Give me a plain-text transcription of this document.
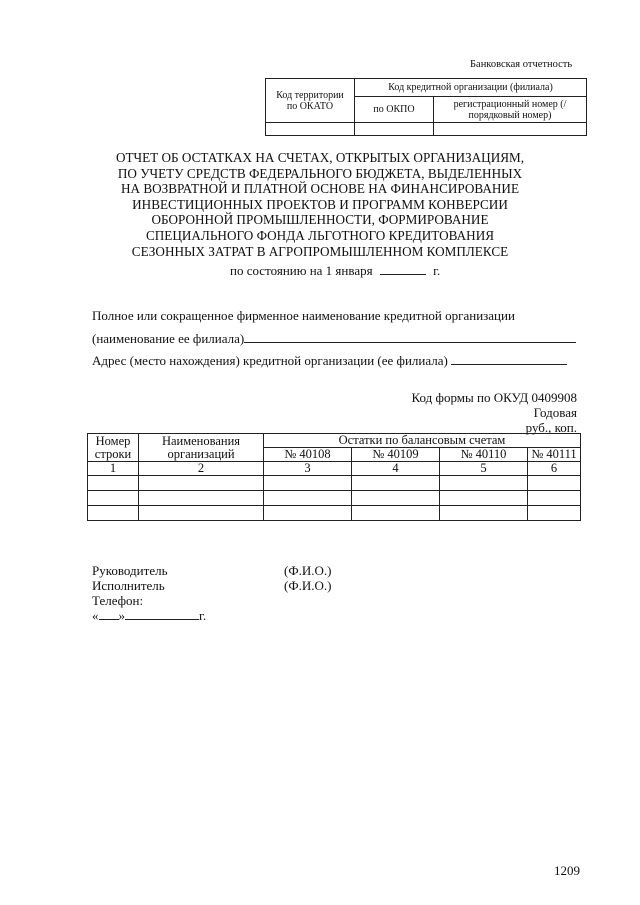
Банковская отчетность
Код территории по ОКАТО	Код кредитной организации (филиала)	
	по ОКПО	регистрационный номер (/порядковый номер)

ОТЧЕТ ОБ ОСТАТКАХ НА СЧЕТАХ, ОТКРЫТЫХ ОРГАНИЗАЦИЯМ,
ПО УЧЕТУ СРЕДСТВ ФЕДЕРАЛЬНОГО БЮДЖЕТА, ВЫДЕЛЕННЫХ
НА ВОЗВРАТНОЙ И ПЛАТНОЙ ОСНОВЕ НА ФИНАНСИРОВАНИЕ
ИНВЕСТИЦИОННЫХ ПРОЕКТОВ И ПРОГРАММ КОНВЕРСИИ
ОБОРОННОЙ ПРОМЫШЛЕННОСТИ, ФОРМИРОВАНИЕ
СПЕЦИАЛЬНОГО ФОНДА ЛЬГОТНОГО КРЕДИТОВАНИЯ
СЕЗОННЫХ ЗАТРАТ В АГРОПРОМЫШЛЕННОМ КОМПЛЕКСЕ
по состоянию на 1 января	г.
Полное или сокращенное фирменное наименование кредитной организации
(наименование ее филиала)
Адрес (место нахождения) кредитной организации (ее филиала)
Код формы по ОКУД 0409908
Годовая
руб., коп.
Номер строки	Наименования организаций	Остатки по балансовым счетам			
		№ 40108	№ 40109	№ 40110	№ 40111
1	2	3	4	5	6

Руководитель	(Ф.И.О.)
Исполнитель	(Ф.И.О.)
Телефон:
« »	г.
1209
